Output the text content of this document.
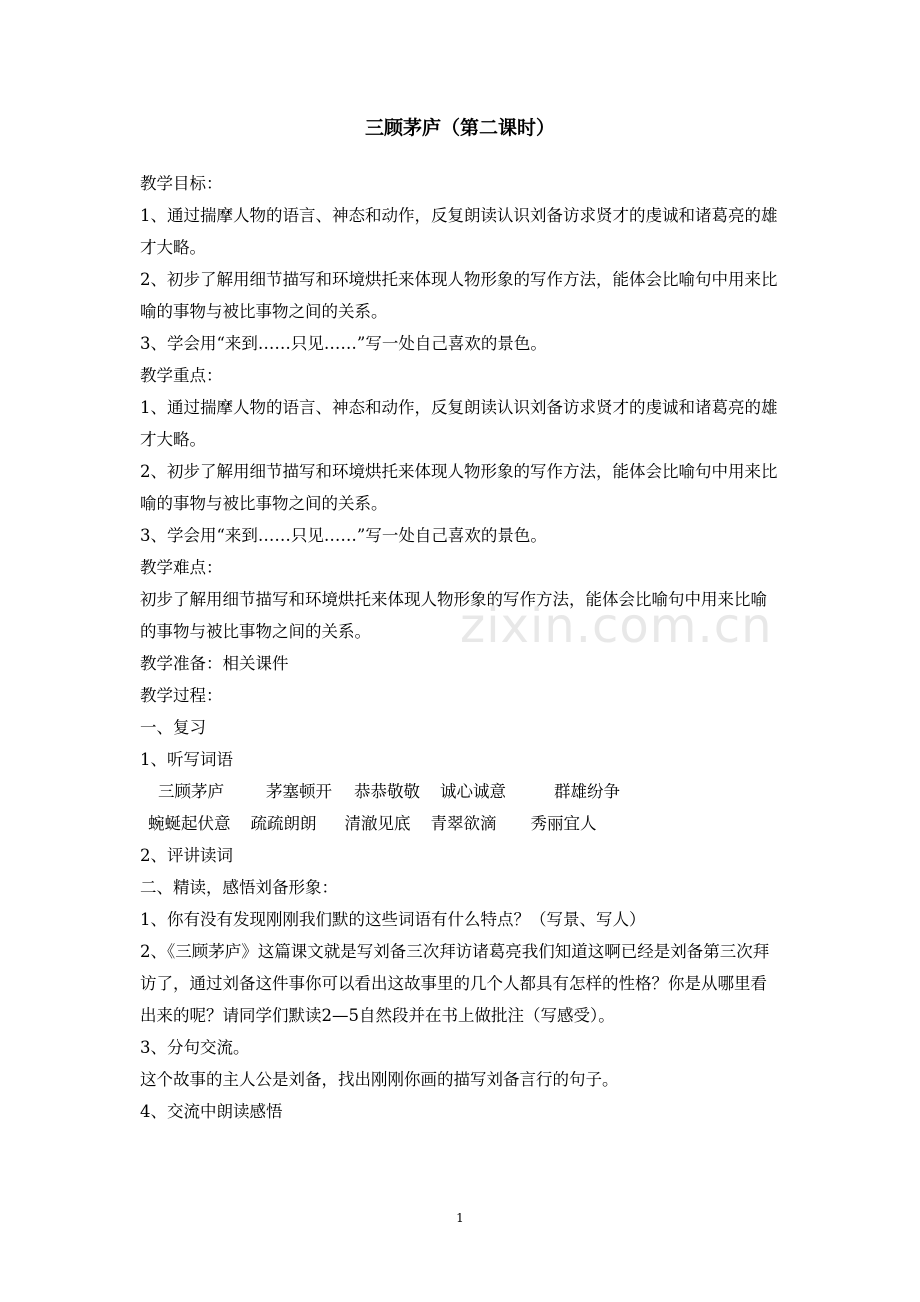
三顾茅庐（第二课时）

教学目标：

1、通过揣摩人物的语言、神态和动作，反复朗读认识刘备访求贤才的虔诚和诸葛亮的雄才大略。

2、初步了解用细节描写和环境烘托来体现人物形象的写作方法，能体会比喻句中用来比喻的事物与被比事物之间的关系。

3、学会用“来到……只见……”写一处自己喜欢的景色。

教学重点：

1、通过揣摩人物的语言、神态和动作，反复朗读认识刘备访求贤才的虔诚和诸葛亮的雄才大略。

2、初步了解用细节描写和环境烘托来体现人物形象的写作方法，能体会比喻句中用来比喻的事物与被比事物之间的关系。

3、学会用“来到……只见……”写一处自己喜欢的景色。

教学难点：

初步了解用细节描写和环境烘托来体现人物形象的写作方法，能体会比喻句中用来比喻的事物与被比事物之间的关系。

教学准备：相关课件

教学过程：

一、复习

1、听写词语

三顾茅庐	茅塞顿开 恭恭敬敬 诚心诚意	群雄纷争

蜿蜒起伏意 疏疏朗朗 清澈见底 青翠欲滴 秀丽宜人

2、评讲读词

二、精读，感悟刘备形象：

1、你有没有发现刚刚我们默的这些词语有什么特点？（写景、写人）

2、《三顾茅庐》这篇课文就是写刘备三次拜访诸葛亮我们知道这啊已经是刘备第三次拜访了，通过刘备这件事你可以看出这故事里的几个人都具有怎样的性格？你是从哪里看出来的呢？请同学们默读2—5自然段并在书上做批注（写感受）。

3、分句交流。

这个故事的主人公是刘备，找出刚刚你画的描写刘备言行的句子。

4、交流中朗读感悟

zixin.com.cn
1
